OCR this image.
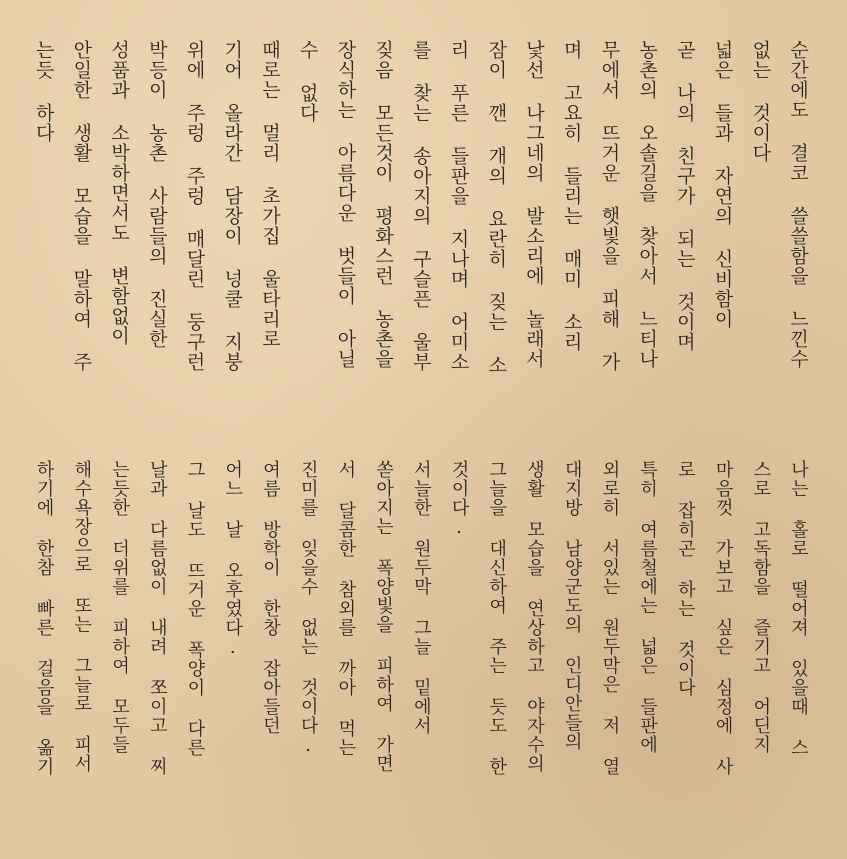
순간에도 결코 쓸쓸함을 느낀수
없는 것이다
넓은 들과 자연의 신비함이
곧 나의 친구가 되는 것이며
농촌의 오솔길을 찾아서 느티나
무에서 뜨거운 햇빛을 피해 가
며 고요히 들리는 매미 소리
낯선 나그네의 발소리에 놀래서
잠이 깬 개의 요란히 짖는 소
리 푸른 들판을 지나며 어미소
를 찾는 송아지의 구슬픈 울부
짖음 모든것이 평화스런 농촌을
장식하는 아름다운 벗들이 아닐
수 없다
때로는 멀리 초가집 울타리로
기어 올라간 담장이 넝쿨 지붕
위에 주렁 주렁 매달린 둥구런
박등이 농촌 사람들의 진실한
성품과 소박하면서도 변함없이
안일한 생활 모습을 말하여 주
는듯 하다
나는 홀로 떨어져 있을때 스
스로 고독함을 즐기고 어딘지
마음껏 가보고 싶은 심정에 사
로 잡히곤 하는 것이다
특히 여름철에는 넓은 들판에
외로히 서있는 원두막은 저 열
대지방 남양군도의 인디안들의
생활 모습을 연상하고 야자수의
그늘을 대신하여 주는 듯도 한
것이다.
서늘한 원두막 그늘 밑에서
쏟아지는 폭양빛을 피하여 가면
서 달콤한 참외를 까아 먹는
진미를 잊을수 없는 것이다.
여름 방학이 한창 잡아들던
어느 날 오후였다.
그 날도 뜨거운 폭양이 다른
날과 다름없이 내려 쪼이고 찌
는듯한 더위를 피하여 모두들
해수욕장으로 또는 그늘로 피서
하기에 한참 빠른 걸음을 옮기
